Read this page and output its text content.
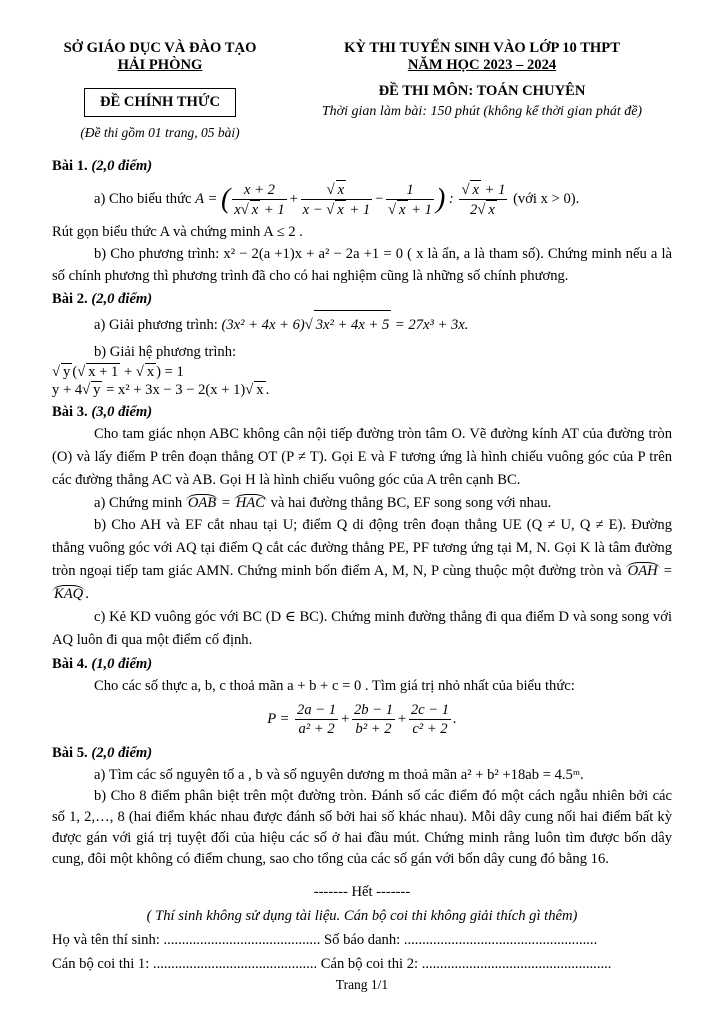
SỞ GIÁO DỤC VÀ ĐÀO TẠO
HẢI PHÒNG
ĐỀ CHÍNH THỨC
(Đề thi gồm 01 trang, 05 bài)
KỲ THI TUYỂN SINH VÀO LỚP 10 THPT
NĂM HỌC 2023 – 2024
ĐỀ THI MÔN: TOÁN CHUYÊN
Thời gian làm bài: 150 phút (không kể thời gian phát đề)

Bài 1. (2,0 điểm)

a) Cho biểu thức A = ( $\frac{x + 2}{x √ x + 1}$ + √ $\frac{x}{x - √ x + 1} - 1$
√ x + 1 ) : √ $\frac{x + 1}{2 √ x}$ (với x > 0).

Rút gọn biểu thức A và chứng minh A ≤ 2 .

b) Cho phương trình: x² − 2(a +1)x + a² − 2a +1 = 0 ( x là ẩn, a là tham số). Chứng minh nếu a là số chính phương thì phương trình đã cho có hai nghiệm cũng là những số chính phương.

Bài 2. (2,0 điểm)

a) Giải phương trình: (3x² + 4x + 6) √ 3x² + 4x + 5 = 27x³ + 3x.

b) Giải hệ phương trình:

√ y ( √ x + 1 + √ x ) = 1
y + 4 √ y = x² + 3x − 3 − 2(x + 1) √ x .

Bài 3. (3,0 điểm)

Cho tam giác nhọn ABC không cân nội tiếp đường tròn tâm O. Vẽ đường kính AT của đường tròn (O) và lấy điểm P trên đoạn thẳng OT (P ≠ T). Gọi E và F tương ứng là hình chiếu vuông góc của P trên các đường thẳng AC và AB. Gọi H là hình chiếu vuông góc của A trên cạnh BC.

a) Chứng minh OAB = HAC và hai đường thẳng BC, EF song song với nhau.

b) Cho AH và EF cắt nhau tại U; điểm Q di động trên đoạn thẳng UE (Q ≠ U, Q ≠ E). Đường thẳng vuông góc với AQ tại điểm Q cắt các đường thẳng PE, PF tương ứng tại M, N. Gọi K là tâm đường tròn ngoại tiếp tam giác AMN. Chứng minh bốn điểm A, M, N, P cùng thuộc một đường tròn và OAH = KAQ .

c) Kẻ KD vuông góc với BC (D ∈ BC). Chứng minh đường thẳng đi qua điểm D và song song với AQ luôn đi qua một điểm cố định.

Bài 4. (1,0 điểm)

Cho các số thực a, b, c thoả mãn a + b + c = 0 . Tìm giá trị nhỏ nhất của biểu thức:

$P = \frac{2a - 1}{\text{a² + 2}} + \frac{2b - 1}{\text{b² + 2}} + \frac{2c - 1}{\text{c² + 2}}$ .

Bài 5. (2,0 điểm)

a) Tìm các số nguyên tố a , b và số nguyên dương m thoả mãn a² + b² +18ab = 4.5ᵐ.

b) Cho 8 điểm phân biệt trên một đường tròn. Đánh số các điểm đó một cách ngẫu nhiên bởi các số 1, 2,…, 8 (hai điểm khác nhau được đánh số bởi hai số khác nhau). Mỗi dây cung nối hai điểm bất kỳ được gán với giá trị tuyệt đối của hiệu các số ở hai đầu mút. Chứng minh rằng luôn tìm được bốn dây cung, đôi một không có điểm chung, sao cho tổng của các số gán với bốn dây cung đó bằng 16.

------- Hết -------

( Thí sinh không sử dụng tài liệu. Cán bộ coi thi không giải thích gì thêm)

Họ và tên thí sinh: ........................................... Số báo danh: .....................................................

Cán bộ coi thi 1: ............................................. Cán bộ coi thi 2: ....................................................

Trang 1/1
